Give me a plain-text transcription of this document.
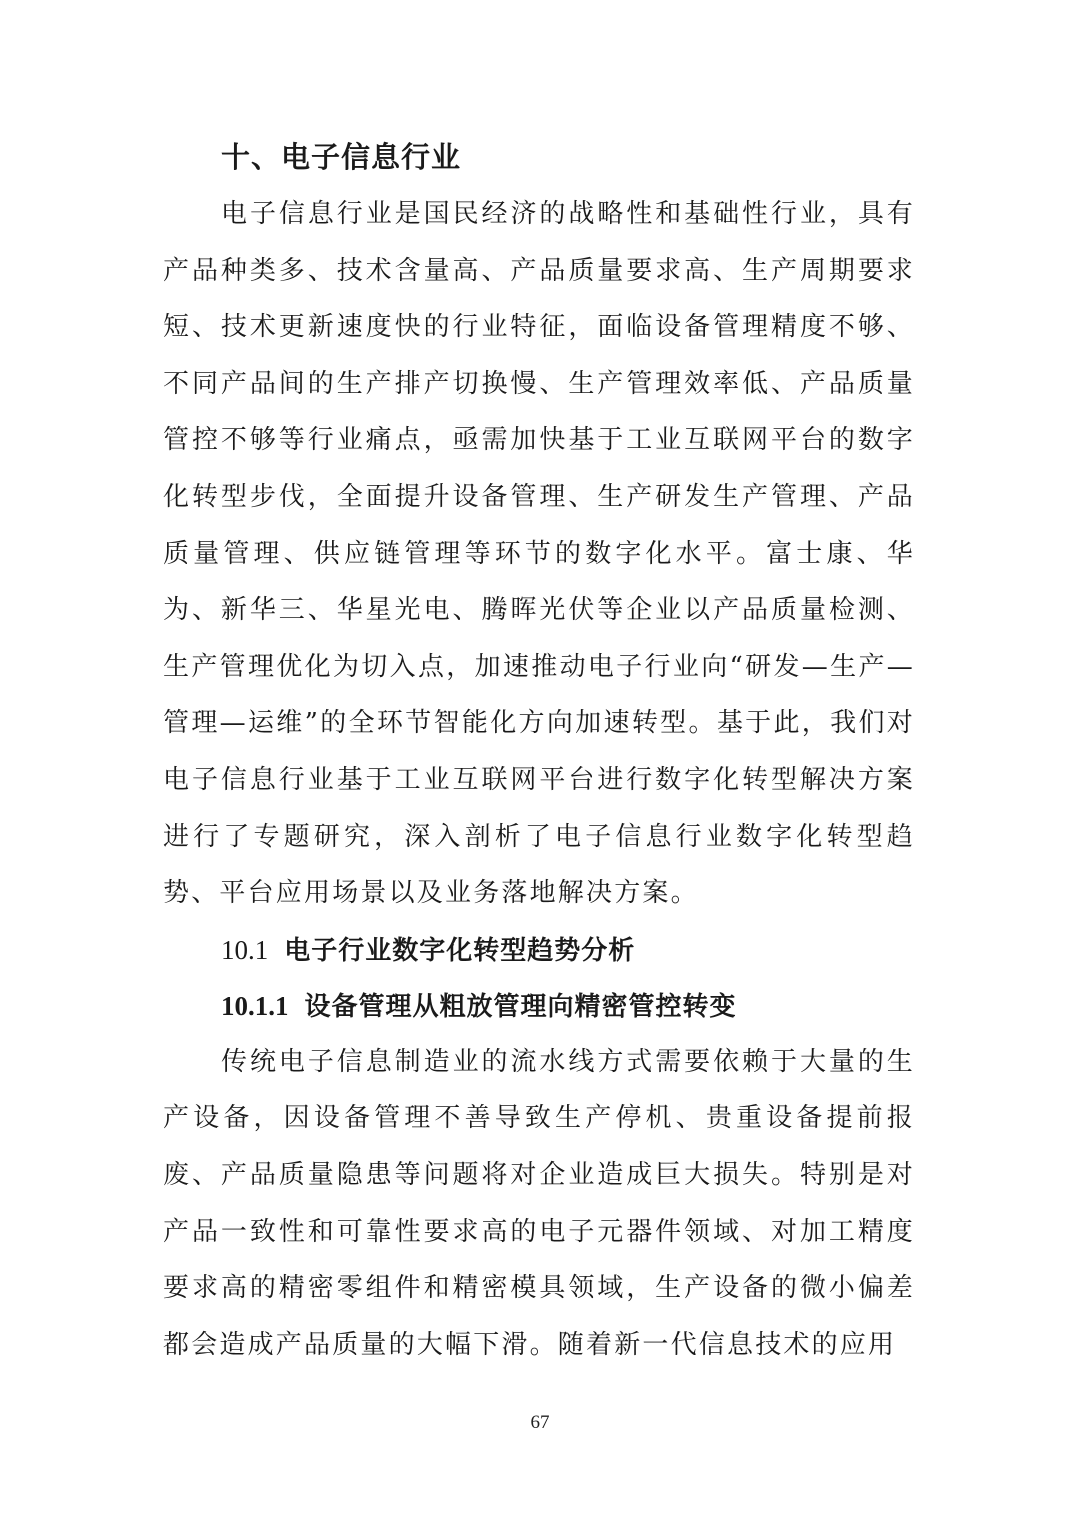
十、电子信息行业

电子信息行业是国民经济的战略性和基础性行业，具有产品种类多、技术含量高、产品质量要求高、生产周期要求短、技术更新速度快的行业特征，面临设备管理精度不够、不同产品间的生产排产切换慢、生产管理效率低、产品质量管控不够等行业痛点，亟需加快基于工业互联网平台的数字化转型步伐，全面提升设备管理、生产研发生产管理、产品质量管理、供应链管理等环节的数字化水平。富士康、华为、新华三、华星光电、腾晖光伏等企业以产品质量检测、生产管理优化为切入点，加速推动电子行业向“研发—生产—管理—运维”的全环节智能化方向加速转型。基于此，我们对电子信息行业基于工业互联网平台进行数字化转型解决方案进行了专题研究，深入剖析了电子信息行业数字化转型趋势、平台应用场景以及业务落地解决方案。

10.1 电子行业数字化转型趋势分析
10.1.1 设备管理从粗放管理向精密管控转变

传统电子信息制造业的流水线方式需要依赖于大量的生产设备，因设备管理不善导致生产停机、贵重设备提前报废、产品质量隐患等问题将对企业造成巨大损失。特别是对产品一致性和可靠性要求高的电子元器件领域、对加工精度要求高的精密零组件和精密模具领域，生产设备的微小偏差都会造成产品质量的大幅下滑。随着新一代信息技术的应用

67
